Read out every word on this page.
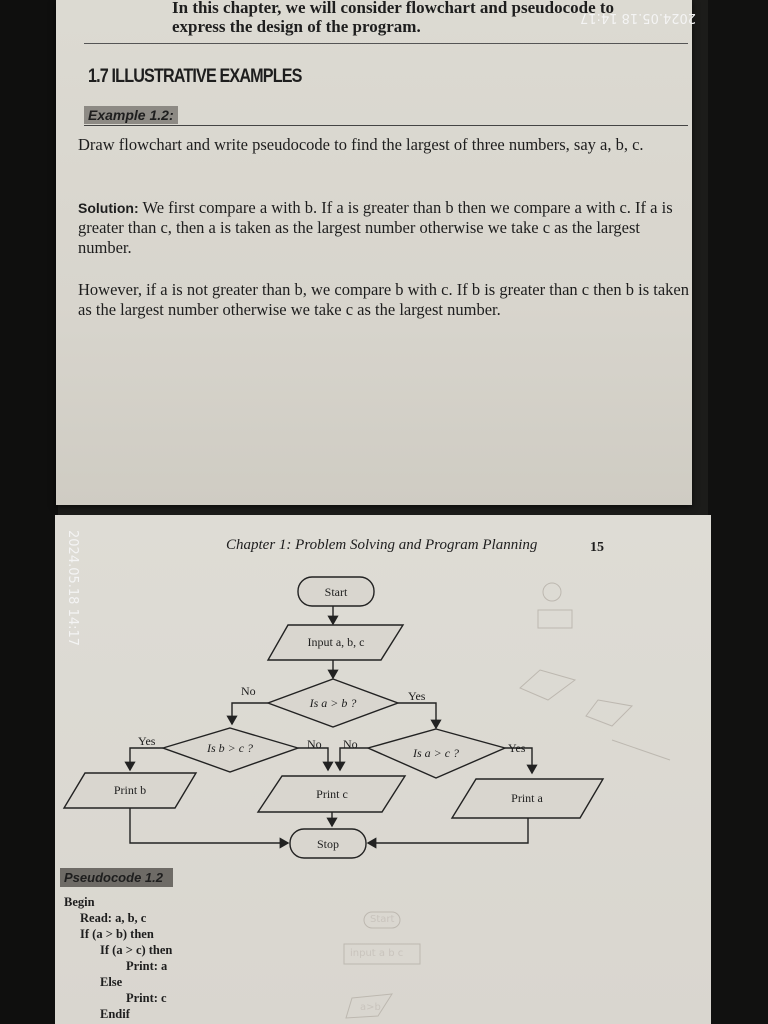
2024.05.18 14:17
In this chapter, we will consider flowchart and pseudocode to
express the design of the program.
1.7 ILLUSTRATIVE EXAMPLES
Example 1.2:
Draw flowchart and write pseudocode to find the largest of three numbers, say a, b, c.
Solution: We first compare a with b. If a is greater than b then we compare a with c. If a is greater than c, then a is taken as the largest number otherwise we take c as the largest number.
However, if a is not greater than b, we compare b with c. If b is greater than c then b is taken as the largest number otherwise we take c as the largest number.
2024.05.18 14:17	Chapter 1: Problem Solving and Program Planning	15
Start
Input a, b, c
Is a > b ?
Is b > c ?	Is a > c ?
Print b	Print c	Print a
Stop
No	Yes
Yes	No No	Yes
Pseudocode 1.2
Begin
Read: a, b, c
If (a > b) then
If (a > c) then
Print: a
Else
Print: c
Endif
Start
input a b c
a>b
